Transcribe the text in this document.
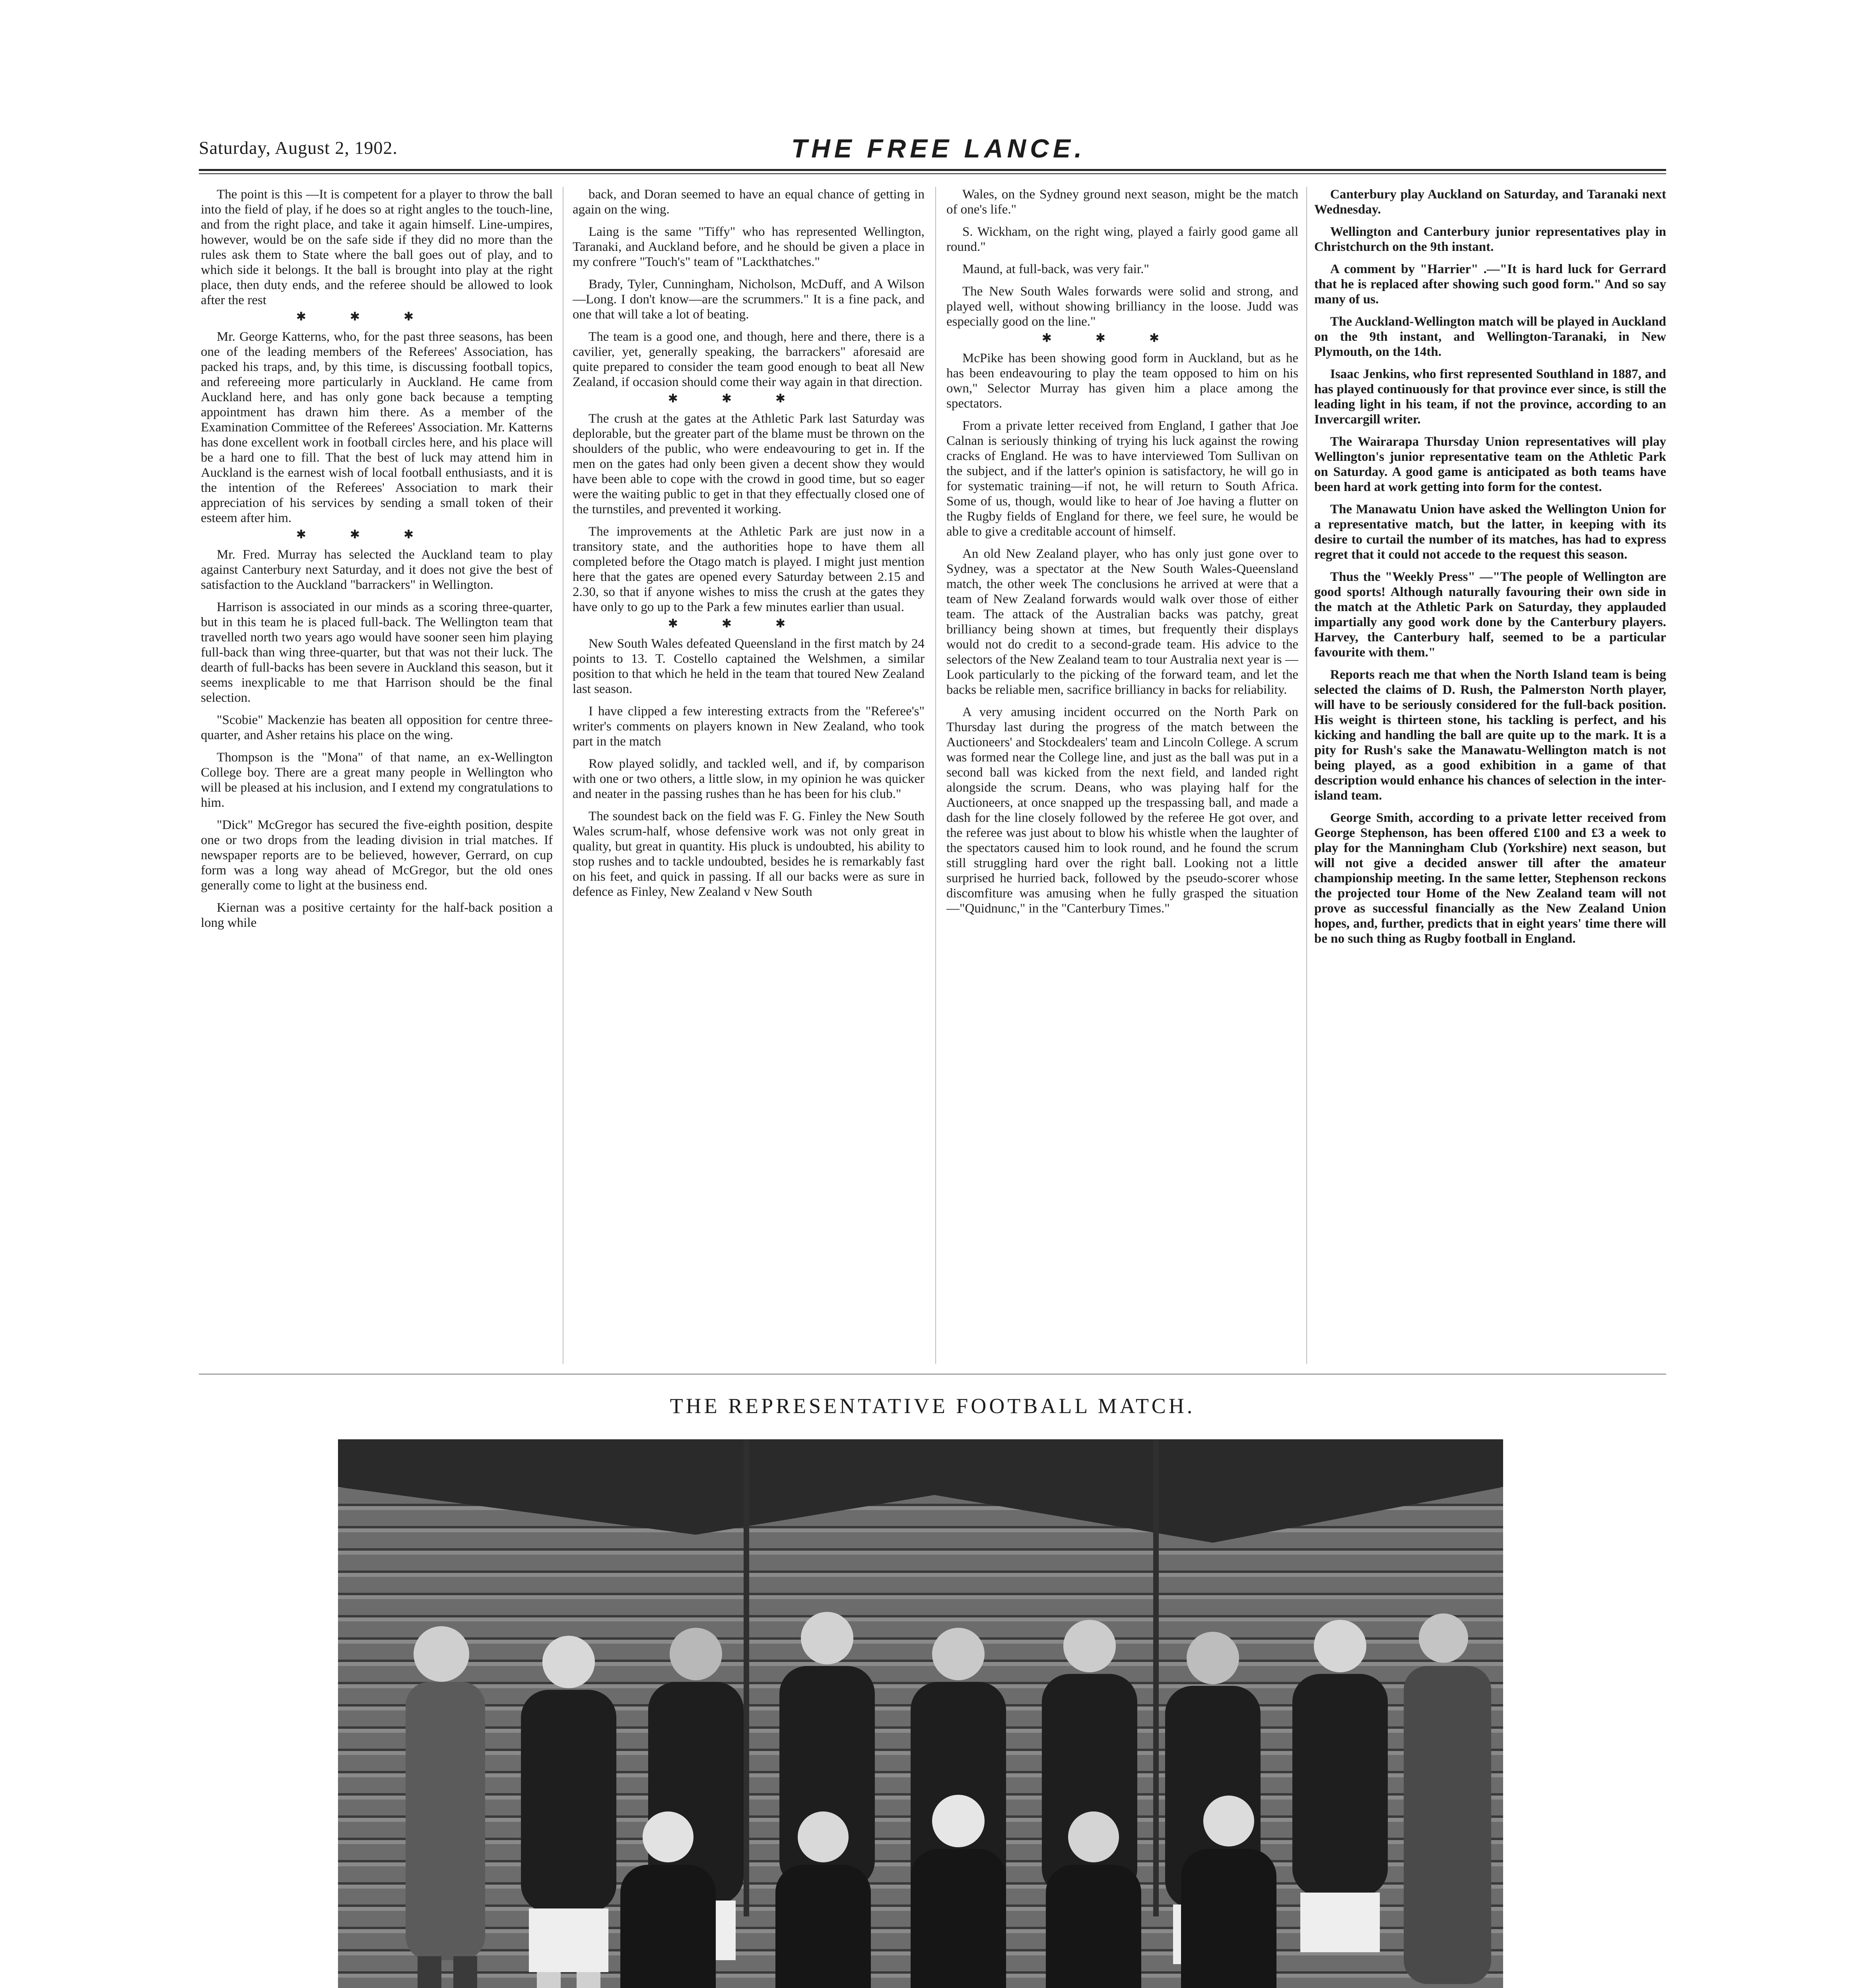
Saturday, August 2, 1902.	THE FREE LANCE.

The point is this —It is competent for a player to throw the ball into the field of play, if he does so at right angles to the touch-line, and from the right place, and take it again himself. Line-umpires, however, would be on the safe side if they did no more than the rules ask them to State where the ball goes out of play, and to which side it belongs. It the ball is brought into play at the right place, then duty ends, and the referee should be allowed to look after the rest

✱✱✱

Mr. George Katterns, who, for the past three seasons, has been one of the leading members of the Referees' Association, has packed his traps, and, by this time, is discussing football topics, and refereeing more particularly in Auckland. He came from Auckland here, and has only gone back because a tempting appointment has drawn him there. As a member of the Examination Committee of the Referees' Association. Mr. Katterns has done excellent work in football circles here, and his place will be a hard one to fill. That the best of luck may attend him in Auckland is the earnest wish of local football enthusiasts, and it is the intention of the Referees' Association to mark their appreciation of his services by sending a small token of their esteem after him.

✱✱✱

Mr. Fred. Murray has selected the Auckland team to play against Canterbury next Saturday, and it does not give the best of satisfaction to the Auckland "barrackers" in Wellington.

Harrison is associated in our minds as a scoring three-quarter, but in this team he is placed full-back. The Wellington team that travelled north two years ago would have sooner seen him playing full-back than wing three-quarter, but that was not their luck. The dearth of full-backs has been severe in Auckland this season, but it seems inexplicable to me that Harrison should be the final selection.

"Scobie" Mackenzie has beaten all opposition for centre three-quarter, and Asher retains his place on the wing.

Thompson is the "Mona" of that name, an ex-Wellington College boy. There are a great many people in Wellington who will be pleased at his inclusion, and I extend my congratulations to him.

"Dick" McGregor has secured the five-eighth position, despite one or two drops from the leading division in trial matches. If newspaper reports are to be believed, however, Gerrard, on cup form was a long way ahead of McGregor, but the old ones generally come to light at the business end.

Kiernan was a positive certainty for the half-back position a long while

back, and Doran seemed to have an equal chance of getting in again on the wing.

Laing is the same "Tiffy" who has represented Wellington, Taranaki, and Auckland before, and he should be given a place in my confrere "Touch's" team of "Lackthatches."

Brady, Tyler, Cunningham, Nicholson, McDuff, and A Wilson—Long. I don't know—are the scrummers." It is a fine pack, and one that will take a lot of beating.

The team is a good one, and though, here and there, there is a cavilier, yet, generally speaking, the barrackers" aforesaid are quite prepared to consider the team good enough to beat all New Zealand, if occasion should come their way again in that direction.

✱✱✱

The crush at the gates at the Athletic Park last Saturday was deplorable, but the greater part of the blame must be thrown on the shoulders of the public, who were endeavouring to get in. If the men on the gates had only been given a decent show they would have been able to cope with the crowd in good time, but so eager were the waiting public to get in that they effectually closed one of the turnstiles, and prevented it working.

The improvements at the Athletic Park are just now in a transitory state, and the authorities hope to have them all completed before the Otago match is played. I might just mention here that the gates are opened every Saturday between 2.15 and 2.30, so that if anyone wishes to miss the crush at the gates they have only to go up to the Park a few minutes earlier than usual.

✱✱✱

New South Wales defeated Queensland in the first match by 24 points to 13. T. Costello captained the Welshmen, a similar position to that which he held in the team that toured New Zealand last season.

I have clipped a few interesting extracts from the "Referee's" writer's comments on players known in New Zealand, who took part in the match

Row played solidly, and tackled well, and if, by comparison with one or two others, a little slow, in my opinion he was quicker and neater in the passing rushes than he has been for his club."

The soundest back on the field was F. G. Finley the New South Wales scrum-half, whose defensive work was not only great in quality, but great in quantity. His pluck is undoubted, his ability to stop rushes and to tackle undoubted, besides he is remarkably fast on his feet, and quick in passing. If all our backs were as sure in defence as Finley, New Zealand v New South

Wales, on the Sydney ground next season, might be the match of one's life."

S. Wickham, on the right wing, played a fairly good game all round."

Maund, at full-back, was very fair."

The New South Wales forwards were solid and strong, and played well, without showing brilliancy in the loose. Judd was especially good on the line."

✱✱✱

McPike has been showing good form in Auckland, but as he has been endeavouring to play the team opposed to him on his own," Selector Murray has given him a place among the spectators.

From a private letter received from England, I gather that Joe Calnan is seriously thinking of trying his luck against the rowing cracks of England. He was to have interviewed Tom Sullivan on the subject, and if the latter's opinion is satisfactory, he will go in for systematic training—if not, he will return to South Africa. Some of us, though, would like to hear of Joe having a flutter on the Rugby fields of England for there, we feel sure, he would be able to give a creditable account of himself.

An old New Zealand player, who has only just gone over to Sydney, was a spectator at the New South Wales-Queensland match, the other week The conclusions he arrived at were that a team of New Zealand forwards would walk over those of either team. The attack of the Australian backs was patchy, great brilliancy being shown at times, but frequently their displays would not do credit to a second-grade team. His advice to the selectors of the New Zealand team to tour Australia next year is —Look particularly to the picking of the forward team, and let the backs be reliable men, sacrifice brilliancy in backs for reliability.

A very amusing incident occurred on the North Park on Thursday last during the progress of the match between the Auctioneers' and Stockdealers' team and Lincoln College. A scrum was formed near the College line, and just as the ball was put in a second ball was kicked from the next field, and landed right alongside the scrum. Deans, who was playing half for the Auctioneers, at once snapped up the trespassing ball, and made a dash for the line closely followed by the referee He got over, and the referee was just about to blow his whistle when the laughter of the spectators caused him to look round, and he found the scrum still struggling hard over the right ball. Looking not a little surprised he hurried back, followed by the pseudo-scorer whose discomfiture was amusing when he fully grasped the situation —"Quidnunc," in the "Canterbury Times."

Canterbury play Auckland on Saturday, and Taranaki next Wednesday.

Wellington and Canterbury junior representatives play in Christchurch on the 9th instant.

A comment by "Harrier" .—"It is hard luck for Gerrard that he is replaced after showing such good form." And so say many of us.

The Auckland-Wellington match will be played in Auckland on the 9th instant, and Wellington-Taranaki, in New Plymouth, on the 14th.

Isaac Jenkins, who first represented Southland in 1887, and has played continuously for that province ever since, is still the leading light in his team, if not the province, according to an Invercargill writer.

The Wairarapa Thursday Union representatives will play Wellington's junior representative team on the Athletic Park on Saturday. A good game is anticipated as both teams have been hard at work getting into form for the contest.

The Manawatu Union have asked the Wellington Union for a representative match, but the latter, in keeping with its desire to curtail the number of its matches, has had to express regret that it could not accede to the request this season.

Thus the "Weekly Press" —"The people of Wellington are good sports! Although naturally favouring their own side in the match at the Athletic Park on Saturday, they applauded impartially any good work done by the Canterbury players. Harvey, the Canterbury half, seemed to be a particular favourite with them."

Reports reach me that when the North Island team is being selected the claims of D. Rush, the Palmerston North player, will have to be seriously considered for the full-back position. His weight is thirteen stone, his tackling is perfect, and his kicking and handling the ball are quite up to the mark. It is a pity for Rush's sake the Manawatu-Wellington match is not being played, as a good exhibition in a game of that description would enhance his chances of selection in the inter-island team.

George Smith, according to a private letter received from George Stephenson, has been offered £100 and £3 a week to play for the Manningham Club (Yorkshire) next season, but will not give a decided answer till after the amateur championship meeting. In the same letter, Stephenson reckons the projected tour Home of the New Zealand team will not prove as successful financially as the New Zealand Union hopes, and, further, predicts that in eight years' time there will be no such thing as Rugby football in England.

THE REPRESENTATIVE FOOTBALL MATCH.
